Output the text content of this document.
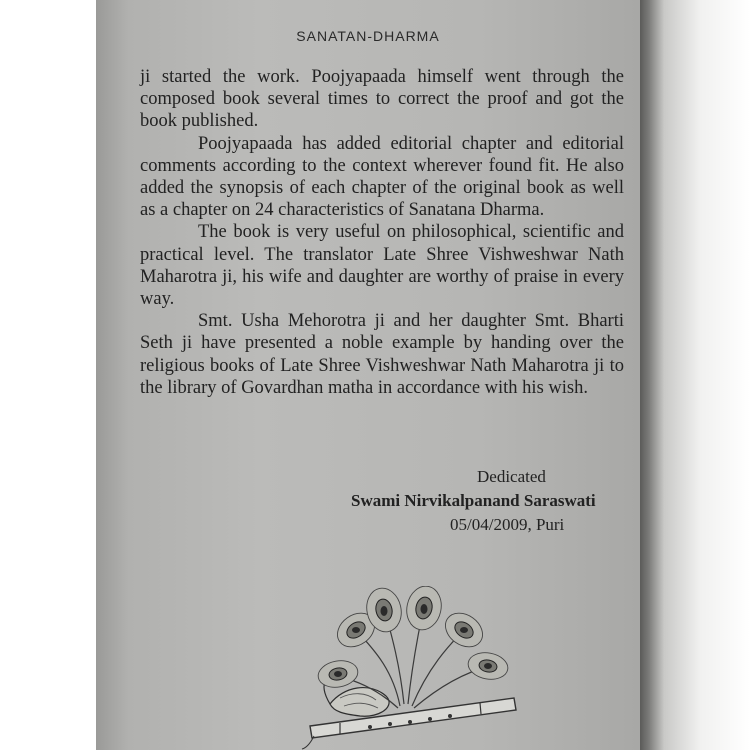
SANATAN-DHARMA

ji started the work. Poojyapaada himself went through the composed book several times to correct the proof and got the book published.

Poojyapaada has added editorial chapter and editorial comments according to the context wherever found fit. He also added the synopsis of each chapter of the original book as well as a chapter on 24 characteristics of Sanatana Dharma.

The book is very useful on philosophical, scientific and practical level. The translator Late Shree Vishweshwar Nath Maharotra ji, his wife and daughter are worthy of praise in every way.

Smt. Usha Mehorotra ji and her daughter Smt. Bharti Seth ji have presented a noble example by handing over the religious books of Late Shree Vishweshwar Nath Maharotra ji to the library of Govardhan matha in accordance with his wish.

Dedicated
Swami Nirvikalpanand Saraswati
05/04/2009, Puri
